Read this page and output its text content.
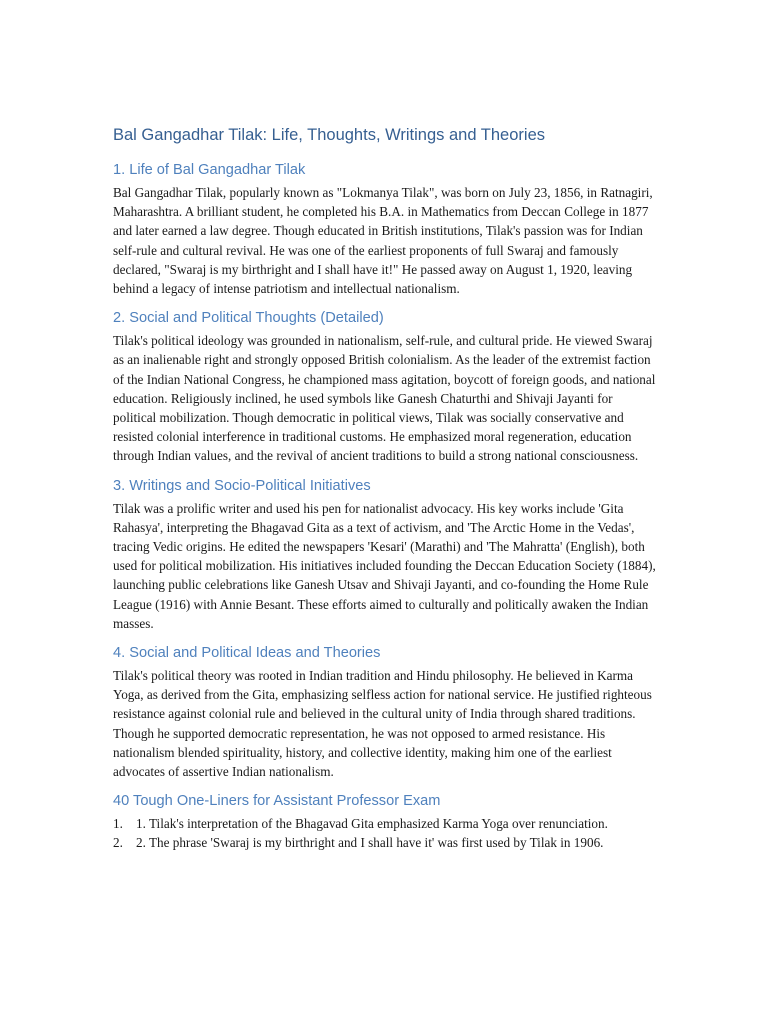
Bal Gangadhar Tilak: Life, Thoughts, Writings and Theories
1. Life of Bal Gangadhar Tilak

Bal Gangadhar Tilak, popularly known as "Lokmanya Tilak", was born on July 23, 1856, in Ratnagiri, Maharashtra. A brilliant student, he completed his B.A. in Mathematics from Deccan College in 1877 and later earned a law degree. Though educated in British institutions, Tilak's passion was for Indian self-rule and cultural revival. He was one of the earliest proponents of full Swaraj and famously declared, "Swaraj is my birthright and I shall have it!" He passed away on August 1, 1920, leaving behind a legacy of intense patriotism and intellectual nationalism.

2. Social and Political Thoughts (Detailed)

Tilak's political ideology was grounded in nationalism, self-rule, and cultural pride. He viewed Swaraj as an inalienable right and strongly opposed British colonialism. As the leader of the extremist faction of the Indian National Congress, he championed mass agitation, boycott of foreign goods, and national education. Religiously inclined, he used symbols like Ganesh Chaturthi and Shivaji Jayanti for political mobilization. Though democratic in political views, Tilak was socially conservative and resisted colonial interference in traditional customs. He emphasized moral regeneration, education through Indian values, and the revival of ancient traditions to build a strong national consciousness.

3. Writings and Socio-Political Initiatives

Tilak was a prolific writer and used his pen for nationalist advocacy. His key works include 'Gita Rahasya', interpreting the Bhagavad Gita as a text of activism, and 'The Arctic Home in the Vedas', tracing Vedic origins. He edited the newspapers 'Kesari' (Marathi) and 'The Mahratta' (English), both used for political mobilization. His initiatives included founding the Deccan Education Society (1884), launching public celebrations like Ganesh Utsav and Shivaji Jayanti, and co-founding the Home Rule League (1916) with Annie Besant. These efforts aimed to culturally and politically awaken the Indian masses.

4. Social and Political Ideas and Theories

Tilak's political theory was rooted in Indian tradition and Hindu philosophy. He believed in Karma Yoga, as derived from the Gita, emphasizing selfless action for national service. He justified righteous resistance against colonial rule and believed in the cultural unity of India through shared traditions. Though he supported democratic representation, he was not opposed to armed resistance. His nationalism blended spirituality, history, and collective identity, making him one of the earliest advocates of assertive Indian nationalism.

40 Tough One-Liners for Assistant Professor Exam
1. 1. Tilak's interpretation of the Bhagavad Gita emphasized Karma Yoga over renunciation.
2. 2. The phrase 'Swaraj is my birthright and I shall have it' was first used by Tilak in 1906.
